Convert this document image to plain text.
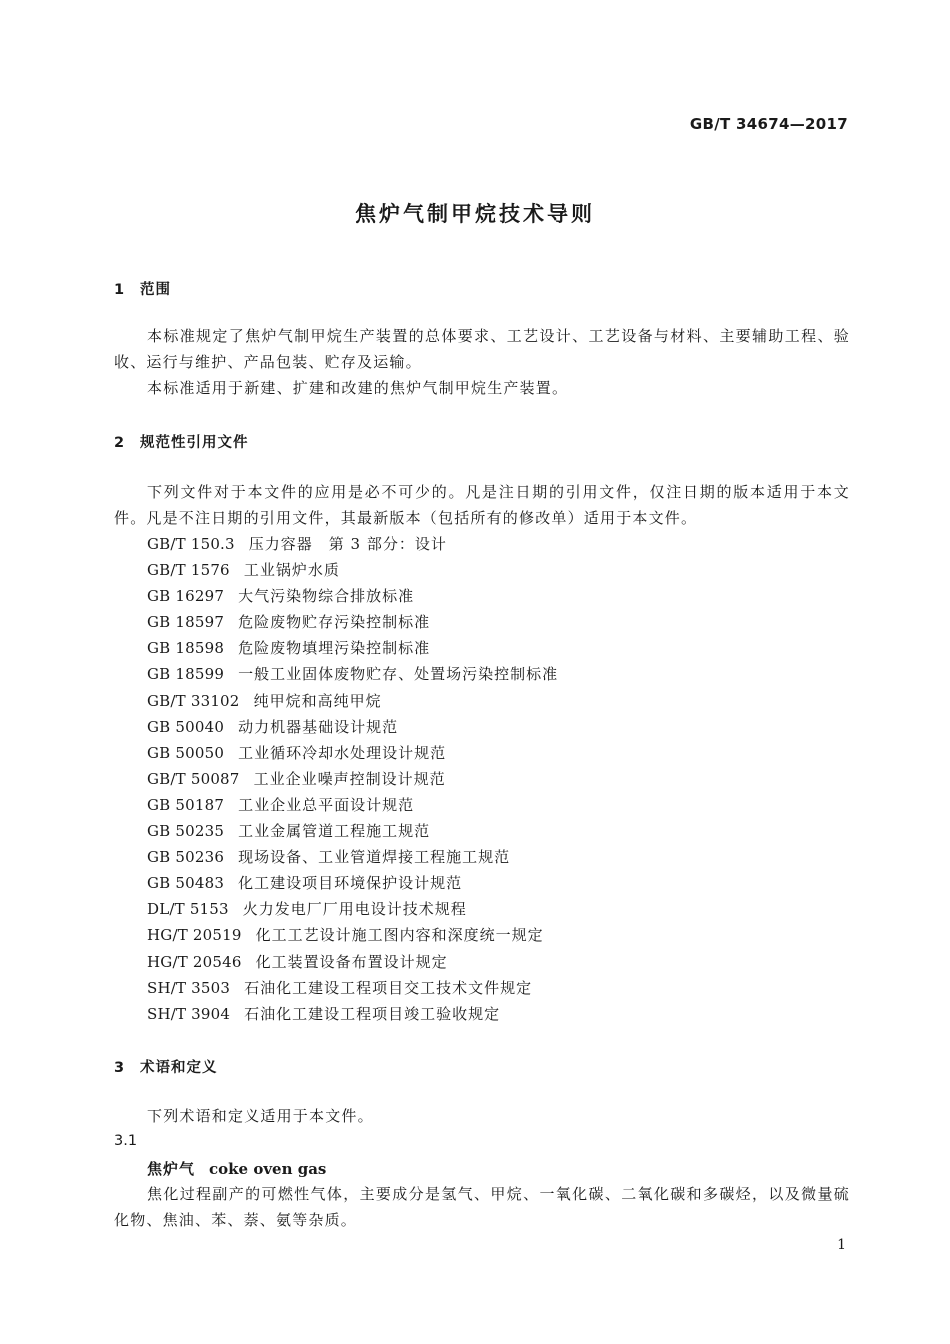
GB/T 34674—2017
焦炉气制甲烷技术导则
1 范围

本标准规定了焦炉气制甲烷生产装置的总体要求、工艺设计、工艺设备与材料、主要辅助工程、验收、运行与维护、产品包装、贮存及运输。

本标准适用于新建、扩建和改建的焦炉气制甲烷生产装置。

2 规范性引用文件

下列文件对于本文件的应用是必不可少的。凡是注日期的引用文件，仅注日期的版本适用于本文件。凡是不注日期的引用文件，其最新版本（包括所有的修改单）适用于本文件。

GB/T 150.3 压力容器　第 3 部分：设计
GB/T 1576 工业锅炉水质
GB 16297 大气污染物综合排放标准
GB 18597 危险废物贮存污染控制标准
GB 18598 危险废物填埋污染控制标准
GB 18599 一般工业固体废物贮存、处置场污染控制标准
GB/T 33102 纯甲烷和高纯甲烷
GB 50040 动力机器基础设计规范
GB 50050 工业循环冷却水处理设计规范
GB/T 50087 工业企业噪声控制设计规范
GB 50187 工业企业总平面设计规范
GB 50235 工业金属管道工程施工规范
GB 50236 现场设备、工业管道焊接工程施工规范
GB 50483 化工建设项目环境保护设计规范
DL/T 5153 火力发电厂厂用电设计技术规程
HG/T 20519 化工工艺设计施工图内容和深度统一规定
HG/T 20546 化工装置设备布置设计规定
SH/T 3503 石油化工建设工程项目交工技术文件规定
SH/T 3904 石油化工建设工程项目竣工验收规定
3 术语和定义

下列术语和定义适用于本文件。

3.1
焦炉气 coke oven gas

焦化过程副产的可燃性气体，主要成分是氢气、甲烷、一氧化碳、二氧化碳和多碳烃，以及微量硫化物、焦油、苯、萘、氨等杂质。

1
